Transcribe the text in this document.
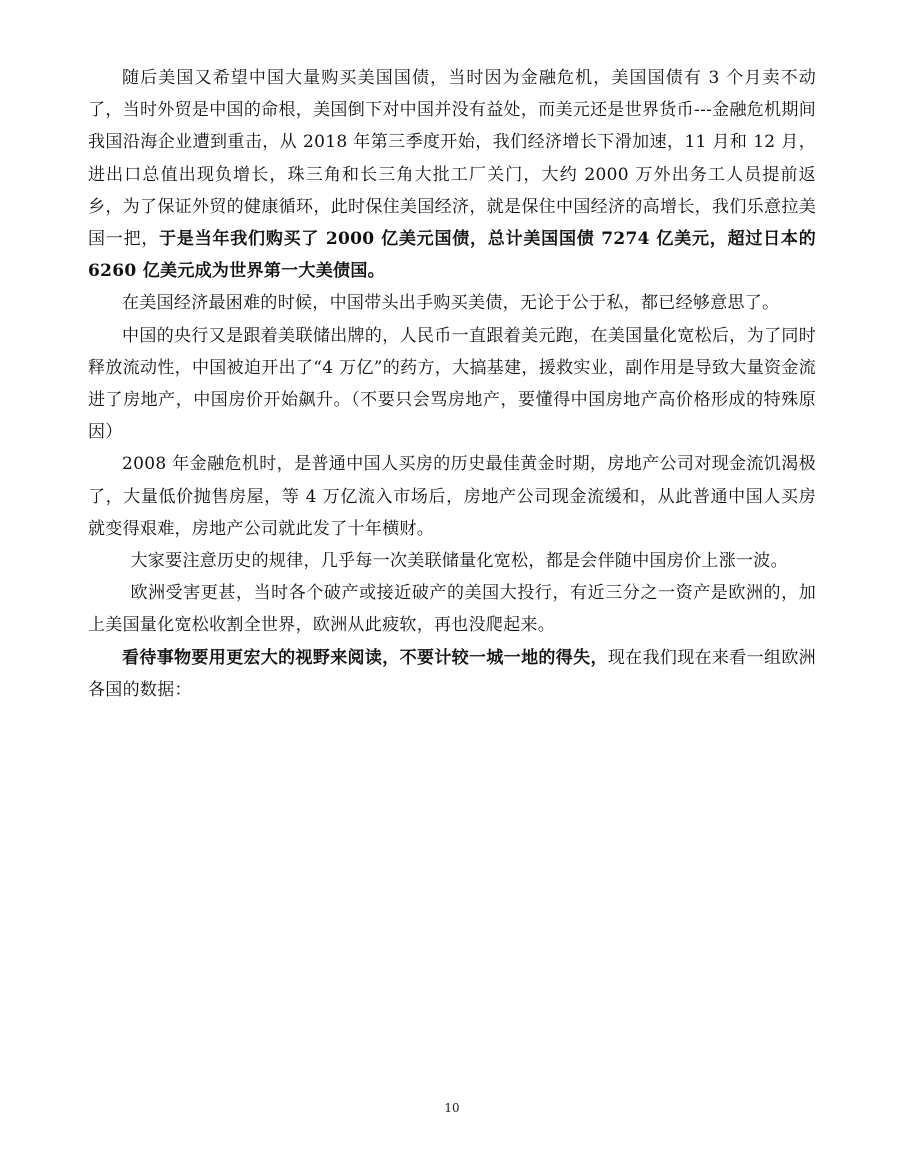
随后美国又希望中国大量购买美国国债，当时因为金融危机，美国国债有 3 个月卖不动了，当时外贸是中国的命根，美国倒下对中国并没有益处，而美元还是世界货币---金融危机期间我国沿海企业遭到重击，从 2018 年第三季度开始，我们经济增长下滑加速，11 月和 12 月，进出口总值出现负增长，珠三角和长三角大批工厂关门，大约 2000 万外出务工人员提前返乡，为了保证外贸的健康循环，此时保住美国经济，就是保住中国经济的高增长，我们乐意拉美国一把，于是当年我们购买了 2000 亿美元国债，总计美国国债 7274 亿美元，超过日本的 6260 亿美元成为世界第一大美债国。

在美国经济最困难的时候，中国带头出手购买美债，无论于公于私，都已经够意思了。

中国的央行又是跟着美联储出牌的，人民币一直跟着美元跑，在美国量化宽松后，为了同时释放流动性，中国被迫开出了“4 万亿”的药方，大搞基建，援救实业，副作用是导致大量资金流进了房地产，中国房价开始飙升。（不要只会骂房地产，要懂得中国房地产高价格形成的特殊原因）

2008 年金融危机时，是普通中国人买房的历史最佳黄金时期，房地产公司对现金流饥渴极了，大量低价抛售房屋，等 4 万亿流入市场后，房地产公司现金流缓和，从此普通中国人买房就变得艰难，房地产公司就此发了十年横财。

大家要注意历史的规律，几乎每一次美联储量化宽松，都是会伴随中国房价上涨一波。

欧洲受害更甚，当时各个破产或接近破产的美国大投行，有近三分之一资产是欧洲的，加上美国量化宽松收割全世界，欧洲从此疲软，再也没爬起来。

看待事物要用更宏大的视野来阅读，不要计较一城一地的得失，现在我们现在来看一组欧洲各国的数据：

10
